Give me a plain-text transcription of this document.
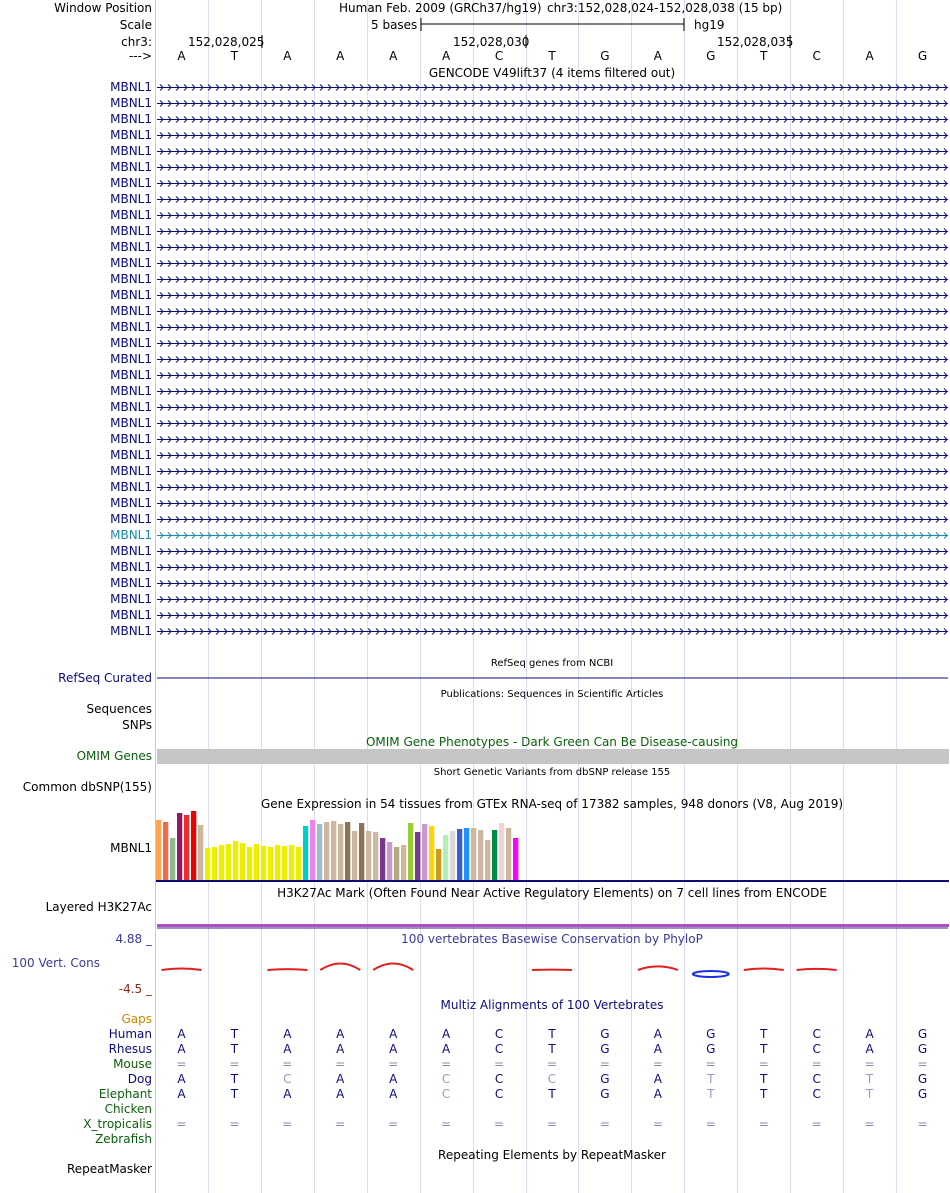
Window Position	Human Feb. 2009 (GRCh37/hg19) chr3:152,028,024-152,028,038 (15 bp)
Scale	5 bases	hg19
chr3:	152,028,025	152,028,030	152,028,035
--->	A	T	A	A	A	A	C	T	G	A	G	T	C	A	G
GENCODE V49lift37 (4 items filtered out)
MBNL1
MBNL1
MBNL1
MBNL1
MBNL1
MBNL1
MBNL1
MBNL1
MBNL1
MBNL1
MBNL1
MBNL1
MBNL1
MBNL1
MBNL1
MBNL1
MBNL1
MBNL1
MBNL1
MBNL1
MBNL1
MBNL1
MBNL1
MBNL1
MBNL1
MBNL1
MBNL1
MBNL1
MBNL1
MBNL1
MBNL1
MBNL1
MBNL1
MBNL1
MBNL1
RefSeq genes from NCBI
RefSeq Curated
Publications: Sequences in Scientific Articles
Sequences
SNPs
OMIM Gene Phenotypes - Dark Green Can Be Disease-causing
OMIM Genes
Short Genetic Variants from dbSNP release 155
Common dbSNP(155)
Gene Expression in 54 tissues from GTEx RNA-seq of 17382 samples, 948 donors (V8, Aug 2019)
MBNL1
H3K27Ac Mark (Often Found Near Active Regulatory Elements) on 7 cell lines from ENCODE
Layered H3K27Ac
100 vertebrates Basewise Conservation by PhyloP
4.88 _
100 Vert. Cons
-4.5 _
Multiz Alignments of 100 Vertebrates
Gaps
Human	A	T	A	A	A	A	C	T	G	A	G	T	C	A	G
Rhesus	A	T	A	A	A	A	C	T	G	A	G	T	C	A	G
Mouse	=	=	=	=	=	=	=	=	=	=	=	=	=	=	=
Dog	A	T	C	A	A	C	C	C	G	A	T	T	C	T	G
Elephant	A	T	A	A	A	C	C	T	G	A	T	T	C	T	G
Chicken
X_tropicalis	=	=	=	=	=	=	=	=	=	=	=	=	=	=	=
Zebrafish
Repeating Elements by RepeatMasker
RepeatMasker
